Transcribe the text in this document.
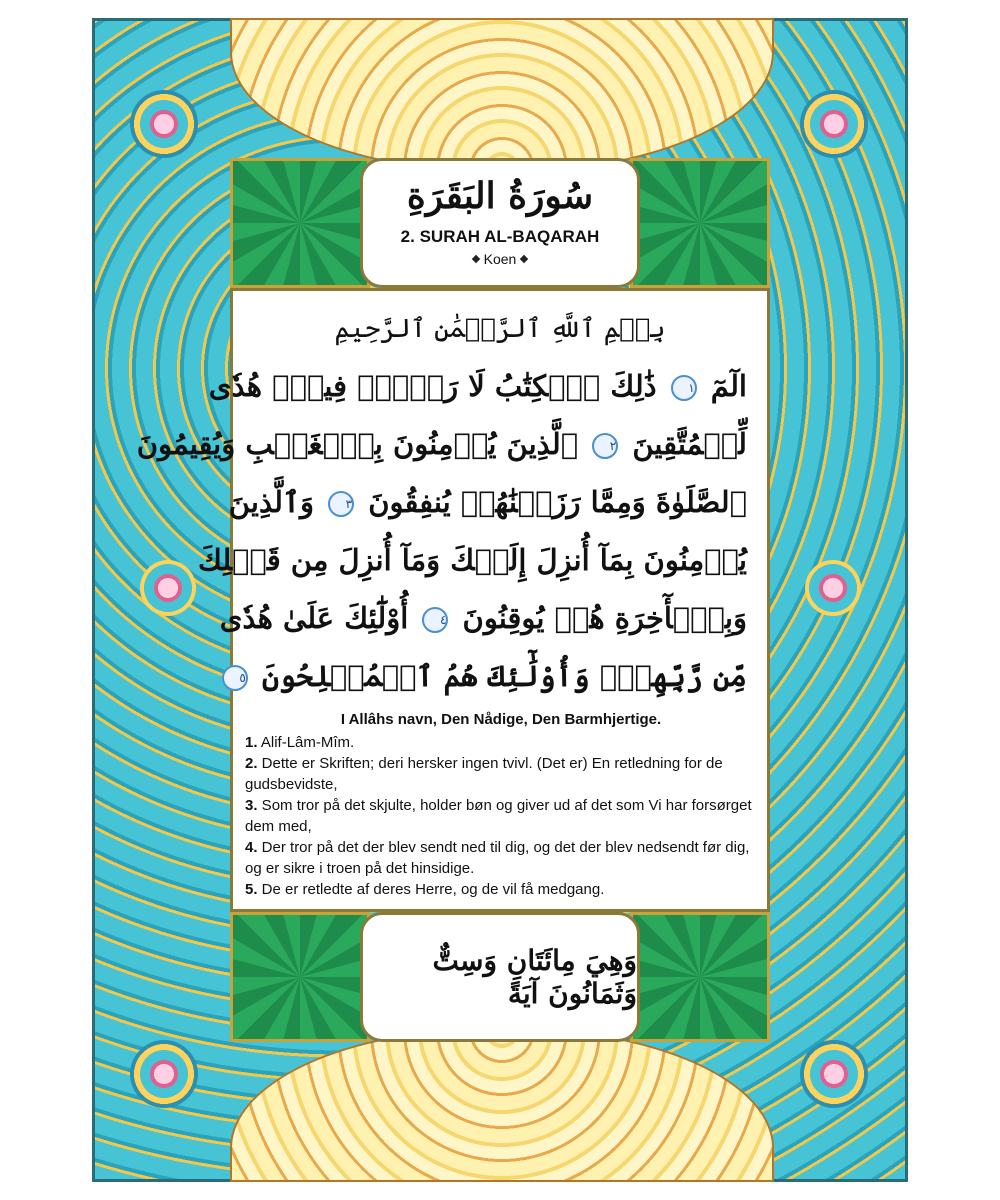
سُورَةُ البَقَرَةِ
2. SURAH AL-BAQARAH
Koen
بِسۡمِ ٱللَّهِ ٱلرَّحۡمَٰنِ ٱلرَّحِيمِ
الٓمٓ ١ ذَٰلِكَ ٱلۡكِتَٰبُ لَا رَيۡبَۛ فِيهِۛ هُدٗى
لِّلۡمُتَّقِينَ ٢ ٱلَّذِينَ يُؤۡمِنُونَ بِٱلۡغَيۡبِ وَيُقِيمُونَ
ٱلصَّلَوٰةَ وَمِمَّا رَزَقۡنَٰهُمۡ يُنفِقُونَ ٣ وَٱلَّذِينَ
يُؤۡمِنُونَ بِمَآ أُنزِلَ إِلَيۡكَ وَمَآ أُنزِلَ مِن قَبۡلِكَ
وَبِٱلۡأٓخِرَةِ هُمۡ يُوقِنُونَ ٤ أُوْلَٰٓئِكَ عَلَىٰ هُدٗى
مِّن رَّبِّهِمۡۖ وَأُوْلَٰٓئِكَ هُمُ ٱلۡمُفۡلِحُونَ ٥
I Allâhs navn, Den Nådige, Den Barmhjertige.
1. Alif-Lâm-Mîm.
2. Dette er Skriften; deri hersker ingen tvivl. (Det er) En retledning for de gudsbevidste,
3. Som tror på det skjulte, holder bøn og giver ud af det som Vi har forsørget dem med,
4. Der tror på det der blev sendt ned til dig, og det der blev nedsendt før dig, og er sikre i troen på det hinsidige.
5. De er retledte af deres Herre, og de vil få medgang.
وَهِيَ مِائَتَانِ وَسِتٌّ وَثَمَانُونَ آيَةً
